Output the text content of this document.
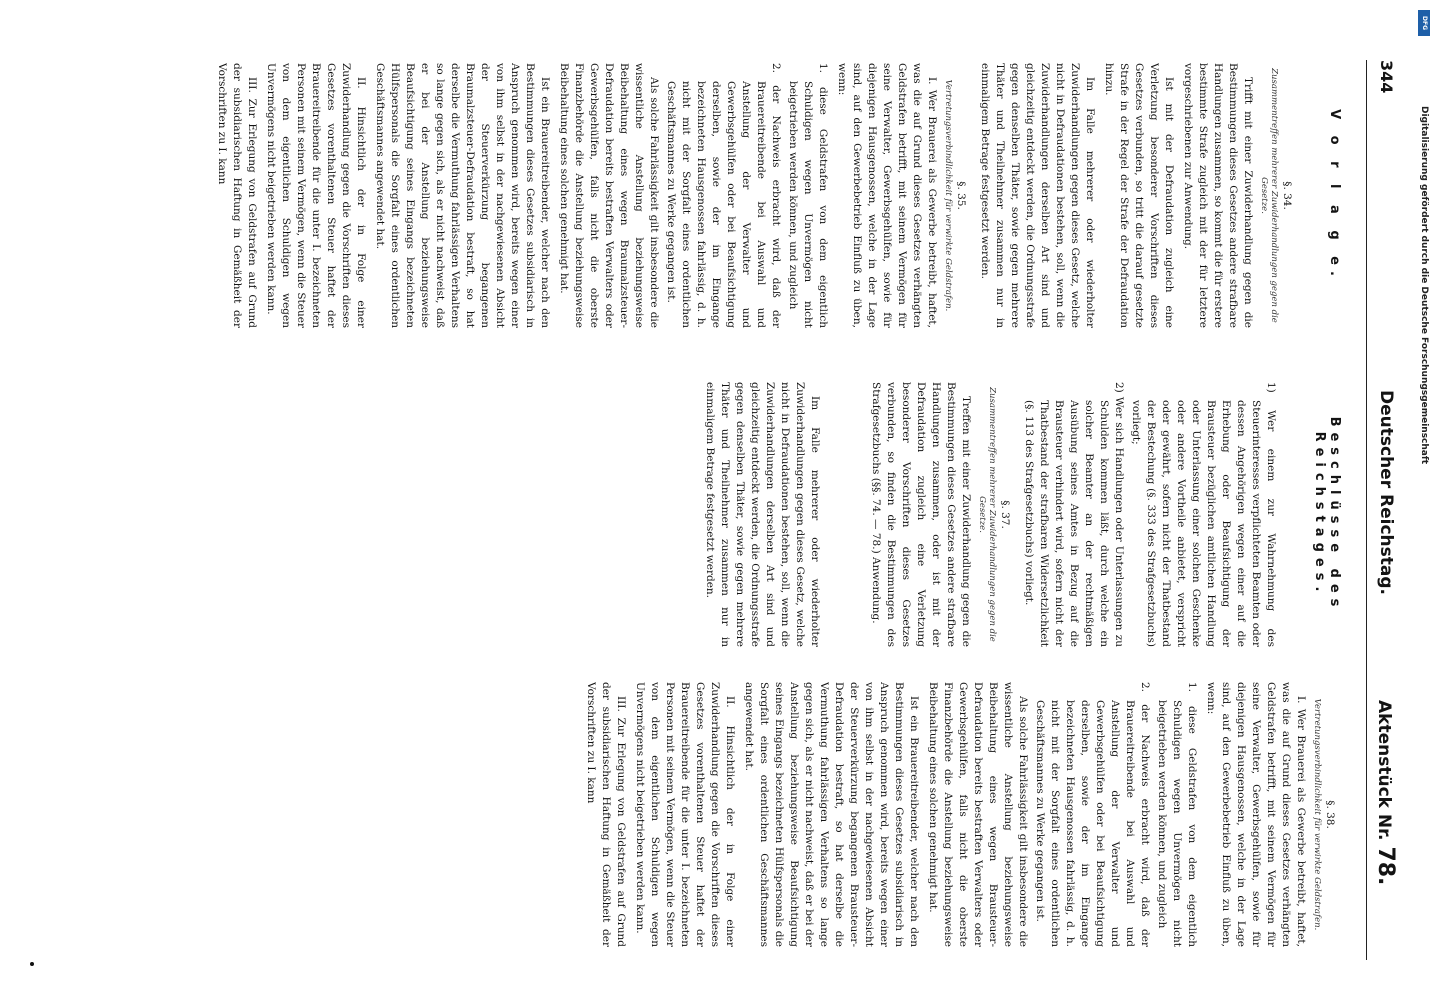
344
Deutscher Reichstag.
Aktenstück Nr. 78.
V o r l a g e.
§. 34.
Zusammentreffen mehrerer Zuwiderhandlungen gegen die Gesetze.
Trifft mit einer Zuwiderhandlung gegen die Bestimmungen dieses Gesetzes andere strafbare Handlungen zusammen, so kommt die für erstere bestimmte Strafe zugleich mit der für letztere vorgeschriebenen zur Anwendung.
Ist mit der Defraudation zugleich eine Verletzung besonderer Vorschriften dieses Gesetzes verbunden, so tritt die darauf gesetzte Strafe in der Regel der Strafe der Defraudation hinzu.
Im Falle mehrerer oder wiederholter Zuwiderhandlungen gegen dieses Gesetz, welche nicht in Defraudationen bestehen, soll, wenn die Zuwiderhandlungen derselben Art sind und gleichzeitig entdeckt werden, die Ordnungsstrafe gegen denselben Thäter, sowie gegen mehrere Thäter und Theilnehmer zusammen nur in einmaligem Betrage festgesetzt werden.
§. 35.
Vertretungsverbindlichkeit für verwirkte Geldstrafen.
I. Wer Brauerei als Gewerbe betreibt, haftet, was die auf Grund dieses Gesetzes verhängten Geldstrafen betrifft, mit seinem Vermögen für seine Verwalter, Gewerbsgehülfen, sowie für diejenigen Hausgenossen, welche in der Lage sind, auf den Gewerbebetrieb Einfluß zu üben, wenn:
1. diese Geldstrafen von dem eigentlich Schuldigen wegen Unvermögen nicht beigetrieben werden können, und zugleich
2. der Nachweis erbracht wird, daß der Brauereitreibende bei Auswahl und Anstellung der Verwalter und Gewerbsgehülfen oder bei Beaufsichtigung derselben, sowie der im Eingange bezeichneten Hausgenossen fahrlässig, d. h. nicht mit der Sorgfalt eines ordentlichen Geschäftsmannes zu Werke gegangen ist.
Als solche Fahrlässigkeit gilt insbesondere die wissentliche Anstellung beziehungsweise Beibehaltung eines wegen Braumalzsteuer-Defraudation bereits bestraften Verwalters oder Gewerbsgehülfen, falls nicht die oberste Finanzbehörde die Anstellung beziehungsweise Beibehaltung eines solchen genehmigt hat.
Ist ein Brauereitreibender, welcher nach den Bestimmungen dieses Gesetzes subsidiarisch in Anspruch genommen wird, bereits wegen einer von ihm selbst in der nachgewiesenen Absicht der Steuerverkürzung begangenen Braumalzsteuer-Defraudation bestraft, so hat derselbe die Vermuthung fahrlässigen Verhaltens so lange gegen sich, als er nicht nachweist, daß er bei der Anstellung beziehungsweise Beaufsichtigung seines Eingangs bezeichneten Hülfspersonals die Sorgfalt eines ordentlichen Geschäftsmannes angewendet hat.
II. Hinsichtlich der in Folge einer Zuwiderhandlung gegen die Vorschriften dieses Gesetzes vorenthaltenen Steuer haftet der Brauereitreibende für die unter I. bezeichneten Personen mit seinem Vermögen, wenn die Steuer von dem eigentlichen Schuldigen wegen Unvermögens nicht beigetrieben werden kann.
III. Zur Erlegung von Geldstrafen auf Grund der subsidiarischen Haftung in Gemäßheit der Vorschriften zu I. kann
Beschlüsse des Reichstages.
1) Wer einem zur Wahrnehmung des Steuerinteresses verpflichteten Beamten oder dessen Angehörigen wegen einer auf die Erhebung oder Beaufsichtigung der Brausteuer bezüglichen amtlichen Handlung oder Unterlassung einer solchen Geschenke oder andere Vortheile anbietet, verspricht oder gewährt, sofern nicht der Thatbestand der Bestechung (§. 333 des Strafgesetzbuchs) vorliegt;
2) Wer sich Handlungen oder Unterlassungen zu Schulden kommen läßt, durch welche ein solcher Beamter an der rechtmäßigen Ausübung seines Amtes in Bezug auf die Brausteuer verhindert wird, sofern nicht der Thatbestand der strafbaren Widersetzlichkeit (§. 113 des Strafgesetzbuchs) vorliegt.
§. 37.
Zusammentreffen mehrerer Zuwiderhandlungen gegen die Gesetze.
Treffen mit einer Zuwiderhandlung gegen die Bestimmungen dieses Gesetzes andere strafbare Handlungen zusammen, oder ist mit der Defraudation zugleich eine Verletzung besonderer Vorschriften dieses Gesetzes verbunden, so finden die Bestimmungen des Strafgesetzbuchs (§§. 74. — 78.) Anwendung.
Im Falle mehrerer oder wiederholter Zuwiderhandlungen gegen dieses Gesetz, welche nicht in Defraudationen bestehen, soll, wenn die Zuwiderhandlungen derselben Art sind und gleichzeitig entdeckt werden, die Ordnungsstrafe gegen denselben Thäter, sowie gegen mehrere Thäter und Theilnehmer zusammen nur in einmaligem Betrage festgesetzt werden.
§. 38.
Vertretungsverbindlichkeit für verwirkte Geldstrafen.
I. Wer Brauerei als Gewerbe betreibt, haftet, was die auf Grund dieses Gesetzes verhängten Geldstrafen betrifft, mit seinem Vermögen für seine Verwalter, Gewerbsgehülfen, sowie für diejenigen Hausgenossen, welche in der Lage sind, auf den Gewerbebetrieb Einfluß zu üben, wenn:
1. diese Geldstrafen von dem eigentlich Schuldigen wegen Unvermögen nicht beigetrieben werden können, und zugleich
2. der Nachweis erbracht wird, daß der Brauereitreibende bei Auswahl und Anstellung der Verwalter und Gewerbsgehülfen oder bei Beaufsichtigung derselben, sowie der im Eingange bezeichneten Hausgenossen fahrlässig, d. h. nicht mit der Sorgfalt eines ordentlichen Geschäftsmannes zu Werke gegangen ist.
Als solche Fahrlässigkeit gilt insbesondere die wissentliche Anstellung beziehungsweise Beibehaltung eines wegen Brausteuer-Defraudation bereits bestraften Verwalters oder Gewerbsgehülfen, falls nicht die oberste Finanzbehörde die Anstellung beziehungsweise Beibehaltung eines solchen genehmigt hat.
Ist ein Brauereitreibender, welcher nach den Bestimmungen dieses Gesetzes subsidiarisch in Anspruch genommen wird, bereits wegen einer von ihm selbst in der nachgewiesenen Absicht der Steuerverkürzung begangenen Brausteuer-Defraudation bestraft, so hat derselbe die Vermuthung fahrlässigen Verhaltens so lange gegen sich, als er nicht nachweist, daß er bei der Anstellung beziehungsweise Beaufsichtigung seines Eingangs bezeichneten Hülfspersonals die Sorgfalt eines ordentlichen Geschäftsmannes angewendet hat.
II. Hinsichtlich der in Folge einer Zuwiderhandlung gegen die Vorschriften dieses Gesetzes vorenthaltenen Steuer haftet der Brauereitreibende für die unter I. bezeichneten Personen mit seinem Vermögen, wenn die Steuer von dem eigentlichen Schuldigen wegen Unvermögens nicht beigetrieben werden kann.
III. Zur Erlegung von Geldstrafen auf Grund der subsidiarischen Haftung in Gemäßheit der Vorschriften zu I. kann
DFG
Digitalisierung gefördert durch die Deutsche Forschungsgemeinschaft
